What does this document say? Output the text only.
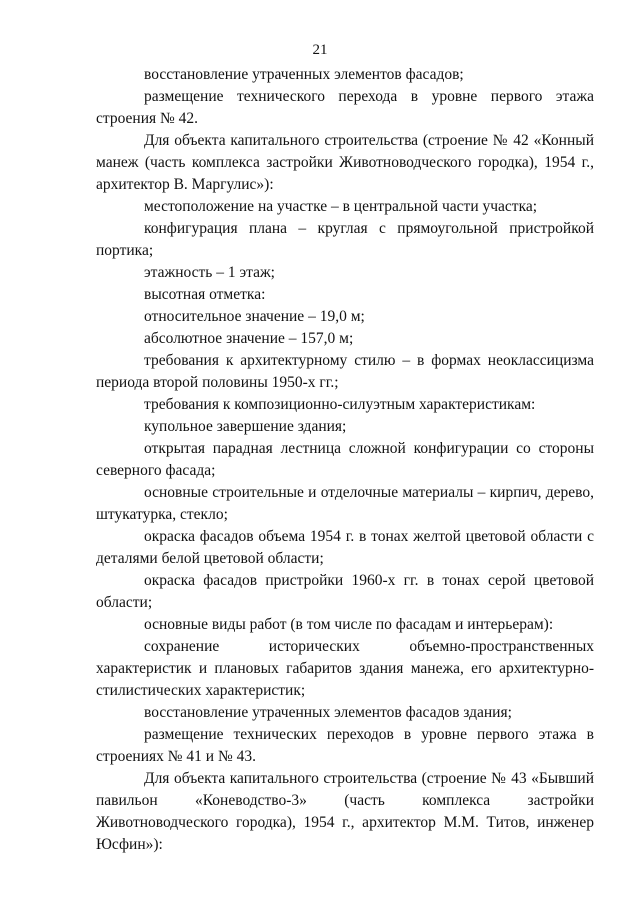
21

восстановление утраченных элементов фасадов;

размещение технического перехода в уровне первого этажа строения № 42.

Для объекта капитального строительства (строение № 42 «Конный манеж (часть комплекса застройки Животноводческого городка), 1954 г., архитектор В. Маргулис»):

местоположение на участке – в центральной части участка;

конфигурация плана – круглая с прямоугольной пристройкой портика;

этажность – 1 этаж;

высотная отметка:

относительное значение – 19,0 м;

абсолютное значение – 157,0 м;

требования к архитектурному стилю – в формах неоклассицизма периода второй половины 1950-х гг.;

требования к композиционно-силуэтным характеристикам:

купольное завершение здания;

открытая парадная лестница сложной конфигурации со стороны северного фасада;

основные строительные и отделочные материалы – кирпич, дерево, штукатурка, стекло;

окраска фасадов объема 1954 г. в тонах желтой цветовой области с деталями белой цветовой области;

окраска фасадов пристройки 1960-х гг. в тонах серой цветовой области;

основные виды работ (в том числе по фасадам и интерьерам):

сохранение исторических объемно-пространственных характеристик и плановых габаритов здания манежа, его архитектурно-стилистических характеристик;

восстановление утраченных элементов фасадов здания;

размещение технических переходов в уровне первого этажа в строениях № 41 и № 43.

Для объекта капитального строительства (строение № 43 «Бывший павильон «Коневодство-3» (часть комплекса застройки Животноводческого городка), 1954 г., архитектор М.М. Титов, инженер Юсфин»):
